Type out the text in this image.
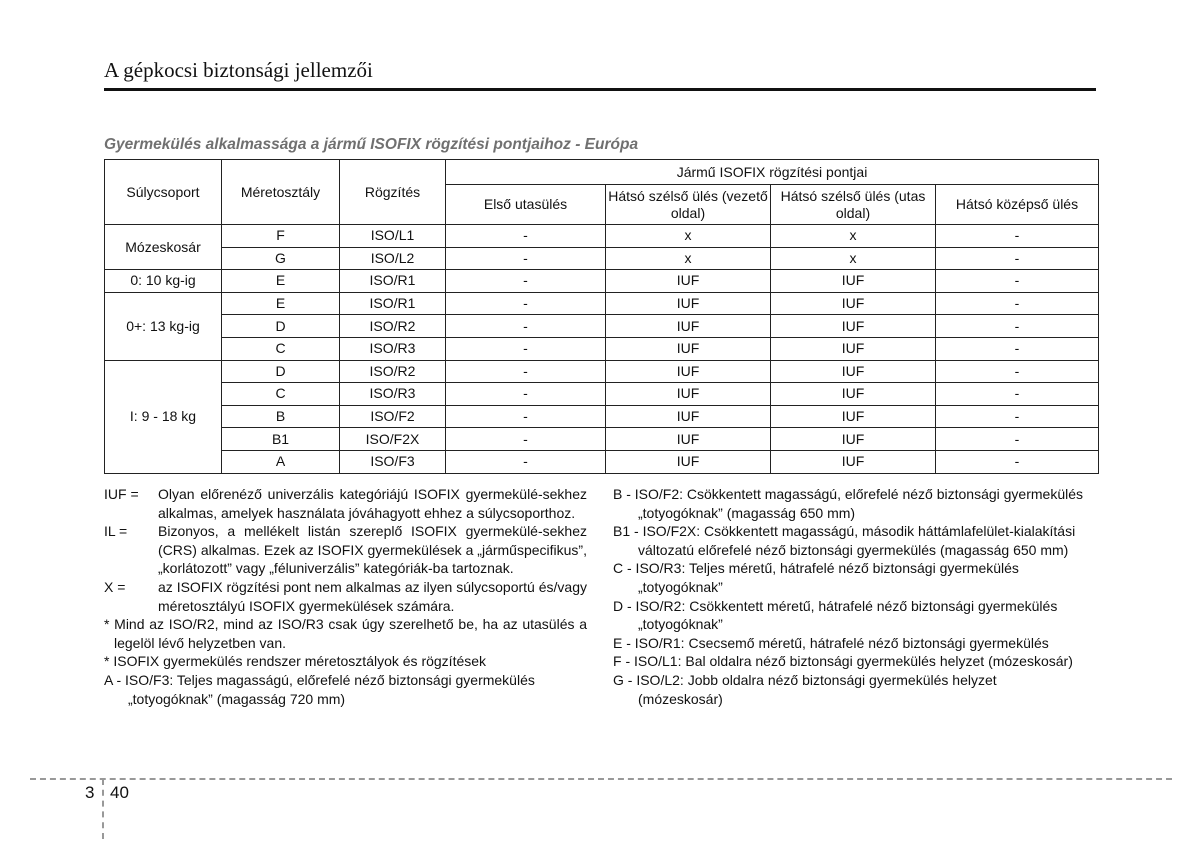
A gépkocsi biztonsági jellemzői
Gyermekülés alkalmassága a jármű ISOFIX rögzítési pontjaihoz - Európa
Súlycsoport	Méretosztály	Rögzítés	Jármű ISOFIX rögzítési pontjai			
			Első utasülés	Hátsó szélső ülés (vezető oldal)	Hátsó szélső ülés (utas oldal)	Hátsó középső ülés
Mózeskosár	F	ISO/L1	-	x	x	-
	G	ISO/L2	-	x	x	-
0: 10 kg-ig	E	ISO/R1	-	IUF	IUF	-
0+: 13 kg-ig	E	ISO/R1	-	IUF	IUF	-
	D	ISO/R2	-	IUF	IUF	-
	C	ISO/R3	-	IUF	IUF	-
I: 9 - 18 kg	D	ISO/R2	-	IUF	IUF	-
	C	ISO/R3	-	IUF	IUF	-
	B	ISO/F2	-	IUF	IUF	-
	B1	ISO/F2X	-	IUF	IUF	-
	A	ISO/F3	-	IUF	IUF	-
IUF =	Olyan előrenéző univerzális kategóriájú ISOFIX gyermekülé-sekhez alkalmas, amelyek használata jóváhagyott ehhez a súlycsoporthoz.
IL =	Bizonyos, a mellékelt listán szereplő ISOFIX gyermekülé-sekhez (CRS) alkalmas. Ezek az ISOFIX gyermekülések a „járműspecifikus”, „korlátozott” vagy „féluniverzális” kategóriák-ba tartoznak.
X =	az ISOFIX rögzítési pont nem alkalmas az ilyen súlycsoportú és/vagy méretosztályú ISOFIX gyermekülések számára.
* Mind az ISO/R2, mind az ISO/R3 csak úgy szerelhető be, ha az utasülés a legelöl lévő helyzetben van.
* ISOFIX gyermekülés rendszer méretosztályok és rögzítések
A - ISO/F3: Teljes magasságú, előrefelé néző biztonsági gyermekülés „totyogóknak” (magasság 720 mm)
B - ISO/F2: Csökkentett magasságú, előrefelé néző biztonsági gyermekülés „totyogóknak” (magasság 650 mm)
B1 - ISO/F2X: Csökkentett magasságú, második háttámlafelület-kialakítási változatú előrefelé néző biztonsági gyermekülés (magasság 650 mm)
C - ISO/R3: Teljes méretű, hátrafelé néző biztonsági gyermekülés „totyogóknak”
D - ISO/R2: Csökkentett méretű, hátrafelé néző biztonsági gyermekülés „totyogóknak”
E - ISO/R1: Csecsemő méretű, hátrafelé néző biztonsági gyermekülés
F - ISO/L1: Bal oldalra néző biztonsági gyermekülés helyzet (mózeskosár)
G - ISO/L2: Jobb oldalra néző biztonsági gyermekülés helyzet (mózeskosár)
3 40
